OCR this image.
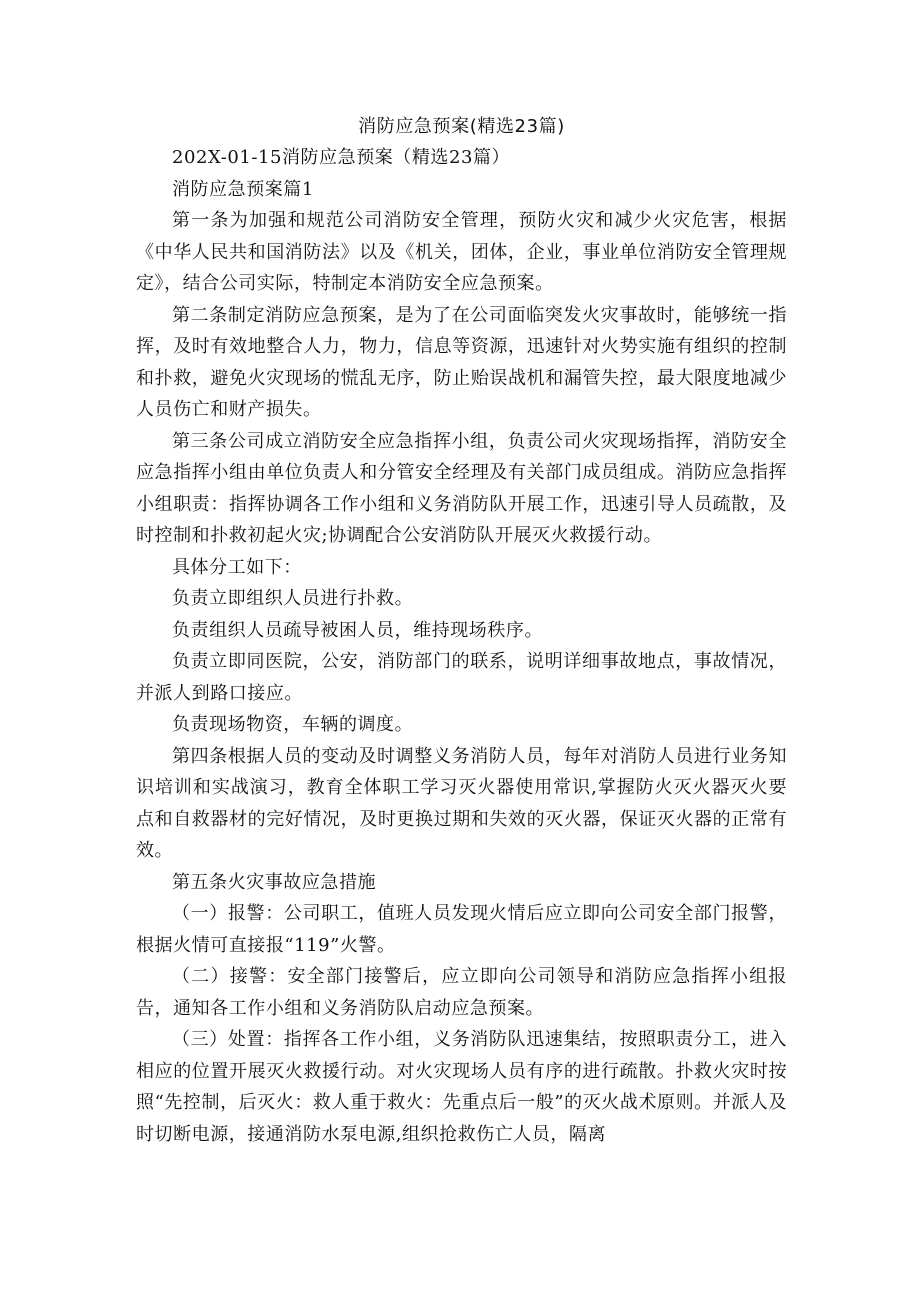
消防应急预案(精选23篇)

202X-01-15消防应急预案（精选23篇）

消防应急预案篇1

第一条为加强和规范公司消防安全管理，预防火灾和减少火灾危害，根据《中华人民共和国消防法》以及《机关，团体，企业，事业单位消防安全管理规定》，结合公司实际，特制定本消防安全应急预案。

第二条制定消防应急预案，是为了在公司面临突发火灾事故时，能够统一指挥，及时有效地整合人力，物力，信息等资源，迅速针对火势实施有组织的控制和扑救，避免火灾现场的慌乱无序，防止贻误战机和漏管失控，最大限度地减少人员伤亡和财产损失。

第三条公司成立消防安全应急指挥小组，负责公司火灾现场指挥，消防安全应急指挥小组由单位负责人和分管安全经理及有关部门成员组成。消防应急指挥小组职责：指挥协调各工作小组和义务消防队开展工作，迅速引导人员疏散，及时控制和扑救初起火灾;协调配合公安消防队开展灭火救援行动。

具体分工如下：

负责立即组织人员进行扑救。

负责组织人员疏导被困人员，维持现场秩序。

负责立即同医院，公安，消防部门的联系，说明详细事故地点，事故情况，并派人到路口接应。

负责现场物资，车辆的调度。

第四条根据人员的变动及时调整义务消防人员，每年对消防人员进行业务知识培训和实战演习，教育全体职工学习灭火器使用常识,掌握防火灭火器灭火要点和自救器材的完好情况，及时更换过期和失效的灭火器，保证灭火器的正常有效。

第五条火灾事故应急措施

（一）报警：公司职工，值班人员发现火情后应立即向公司安全部门报警，根据火情可直接报“119”火警。

（二）接警：安全部门接警后，应立即向公司领导和消防应急指挥小组报告，通知各工作小组和义务消防队启动应急预案。

（三）处置：指挥各工作小组，义务消防队迅速集结，按照职责分工，进入相应的位置开展灭火救援行动。对火灾现场人员有序的进行疏散。扑救火灾时按照“先控制，后灭火：救人重于救火：先重点后一般”的灭火战术原则。并派人及时切断电源，接通消防水泵电源,组织抢救伤亡人员，隔离
